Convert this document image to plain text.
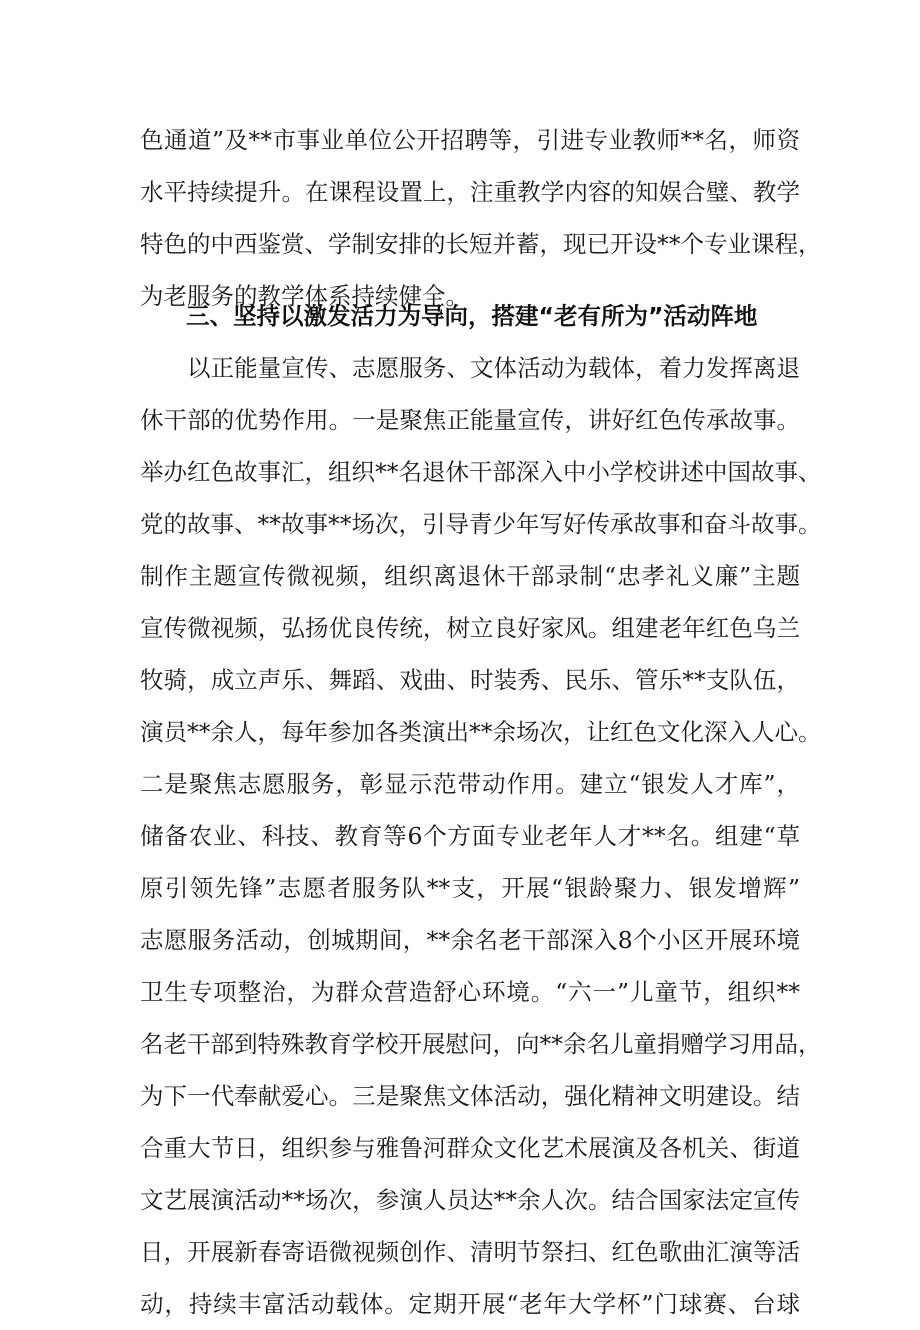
色通道”及**市事业单位公开招聘等，引进专业教师**名，师资
水平持续提升。在课程设置上，注重教学内容的知娱合璧、教学
特色的中西鉴赏、学制安排的长短并蓄，现已开设**个专业课程，
为老服务的教学体系持续健全。
三、坚持以激发活力为导向，搭建“老有所为”活动阵地
以正能量宣传、志愿服务、文体活动为载体，着力发挥离退
休干部的优势作用。一是聚焦正能量宣传，讲好红色传承故事。
举办红色故事汇，组织**名退休干部深入中小学校讲述中国故事、
党的故事、**故事**场次，引导青少年写好传承故事和奋斗故事。
制作主题宣传微视频，组织离退休干部录制“忠孝礼义廉”主题
宣传微视频，弘扬优良传统，树立良好家风。组建老年红色乌兰
牧骑，成立声乐、舞蹈、戏曲、时装秀、民乐、管乐**支队伍，
演员**余人，每年参加各类演出**余场次，让红色文化深入人心。
二是聚焦志愿服务，彰显示范带动作用。建立“银发人才库”，
储备农业、科技、教育等6个方面专业老年人才**名。组建“草
原引领先锋”志愿者服务队**支，开展“银龄聚力、银发增辉”
志愿服务活动，创城期间，**余名老干部深入8个小区开展环境
卫生专项整治，为群众营造舒心环境。“六一”儿童节，组织**
名老干部到特殊教育学校开展慰问，向**余名儿童捐赠学习用品，
为下一代奉献爱心。三是聚焦文体活动，强化精神文明建设。结
合重大节日，组织参与雅鲁河群众文化艺术展演及各机关、街道
文艺展演活动**场次，参演人员达**余人次。结合国家法定宣传
日，开展新春寄语微视频创作、清明节祭扫、红色歌曲汇演等活
动，持续丰富活动载体。定期开展“老年大学杯”门球赛、台球
